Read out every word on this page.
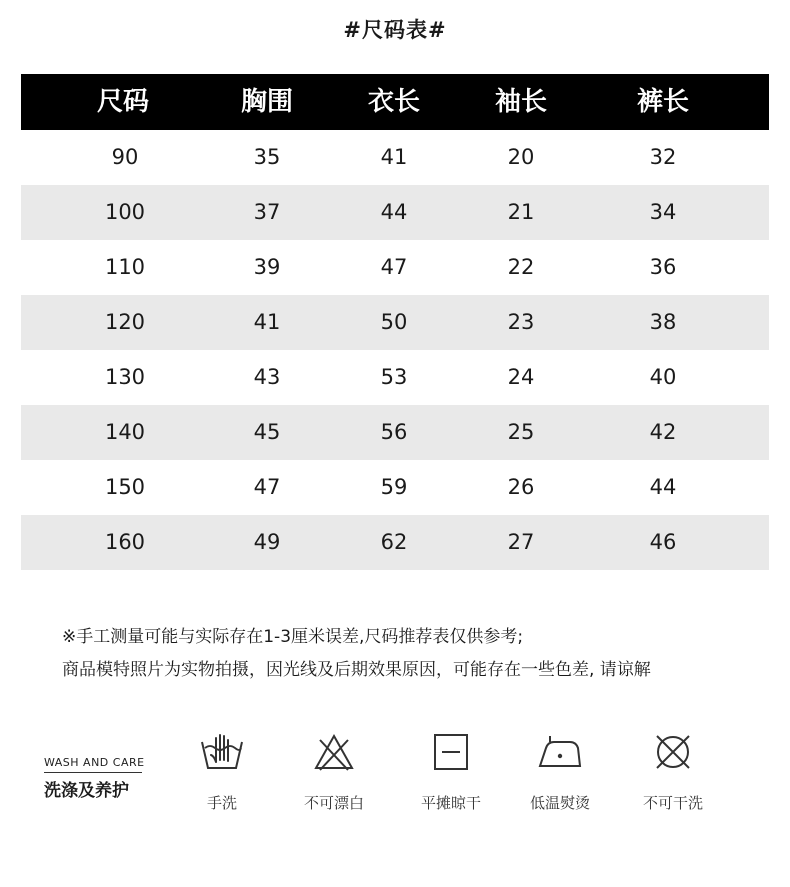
#尺码表#
尺码	胸围	衣长	袖长	裤长
90	35	41	20	32
100	37	44	21	34
110	39	47	22	36
120	41	50	23	38
130	43	53	24	40
140	45	56	25	42
150	47	59	26	44
160	49	62	27	46
※手工测量可能与实际存在1-3厘米误差,尺码推荐表仅供参考;
商品模特照片为实物拍摄，因光线及后期效果原因，可能存在一些色差, 请谅解
WASH AND CARE
洗涤及养护
手洗	不可漂白	平摊晾干	低温熨烫	不可干洗
